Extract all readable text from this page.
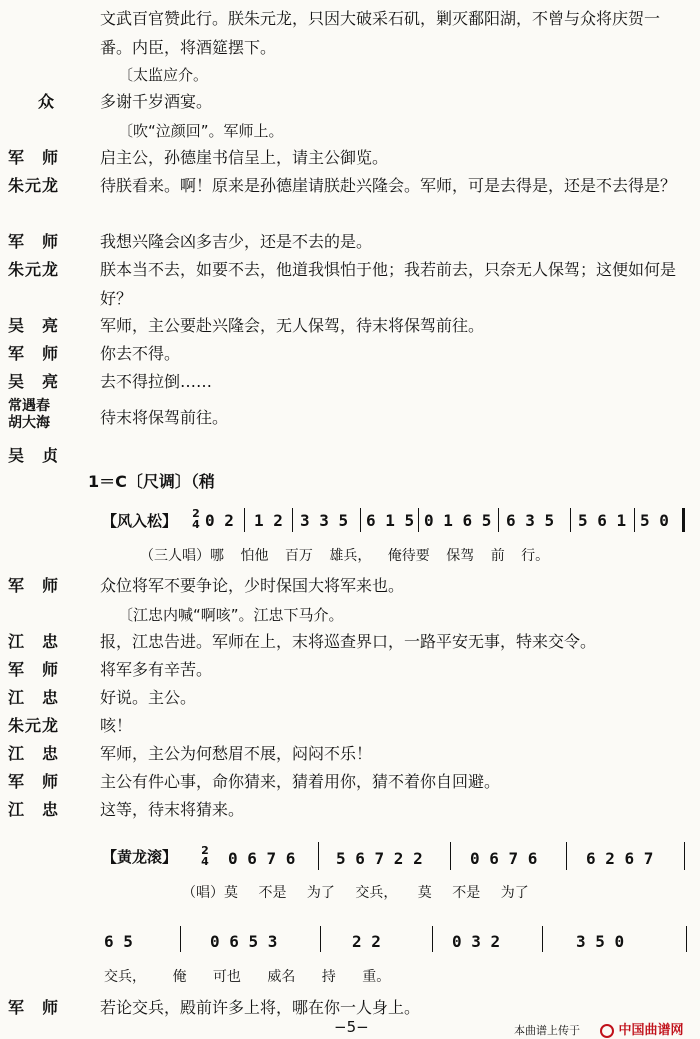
文武百官赞此行。朕朱元龙，只因大破采石矶，剿灭鄱阳湖，不曾与众将庆贺一番。内臣，将酒筵摆下。
〔太监应介。
众	多谢千岁酒宴。
〔吹“泣颜回”。军师上。
军　师	启主公，孙德崖书信呈上，请主公御览。
朱元龙	待朕看来。啊！原来是孙德崖请朕赴兴隆会。军师，可是去得是，还是不去得是？
军　师	我想兴隆会凶多吉少，还是不去的是。
朱元龙	朕本当不去，如要不去，他道我惧怕于他；我若前去，只奈无人保驾；这便如何是好？
吴　亮	军师，主公要赴兴隆会，无人保驾，待末将保驾前往。
军　师	你去不得。
吴　亮	去不得拉倒……
常遇春
胡大海	待末将保驾前往。
吴　贞
1＝C〔尺调〕（稍
【风入松】 2
4 0 2 1 2 3 3 5 6 1 5 0 1 6 5 6 3 5 5 6 1 5 0
（三人唱）哪 怕他 百万 雄兵， 俺待要 保驾 前 行。
军　师	众位将军不要争论，少时保国大将军来也。
〔江忠内喊“啊咳”。江忠下马介。
江　忠	报，江忠告进。军师在上，末将巡查界口，一路平安无事，特来交令。
军　师	将军多有辛苦。
江　忠	好说。主公。
朱元龙	咳！
江　忠	军师，主公为何愁眉不展，闷闷不乐！
军　师	主公有件心事，命你猜来，猜着用你，猜不着你自回避。
江　忠	这等，待末将猜来。
【黄龙滚】 2
4 0 6 7 6	5 6 7 2 2	0 6 7 6	6 2 6 7
（唱）莫 不是 为了 交兵， 莫 不是 为了
6 5	0 6 5 3	2 2	0 3 2	3 5 0
交兵， 俺 可也 威名 持 重。
军　师	若论交兵，殿前许多上将，哪在你一人身上。
−5−	本曲谱上传于	中国曲谱网
